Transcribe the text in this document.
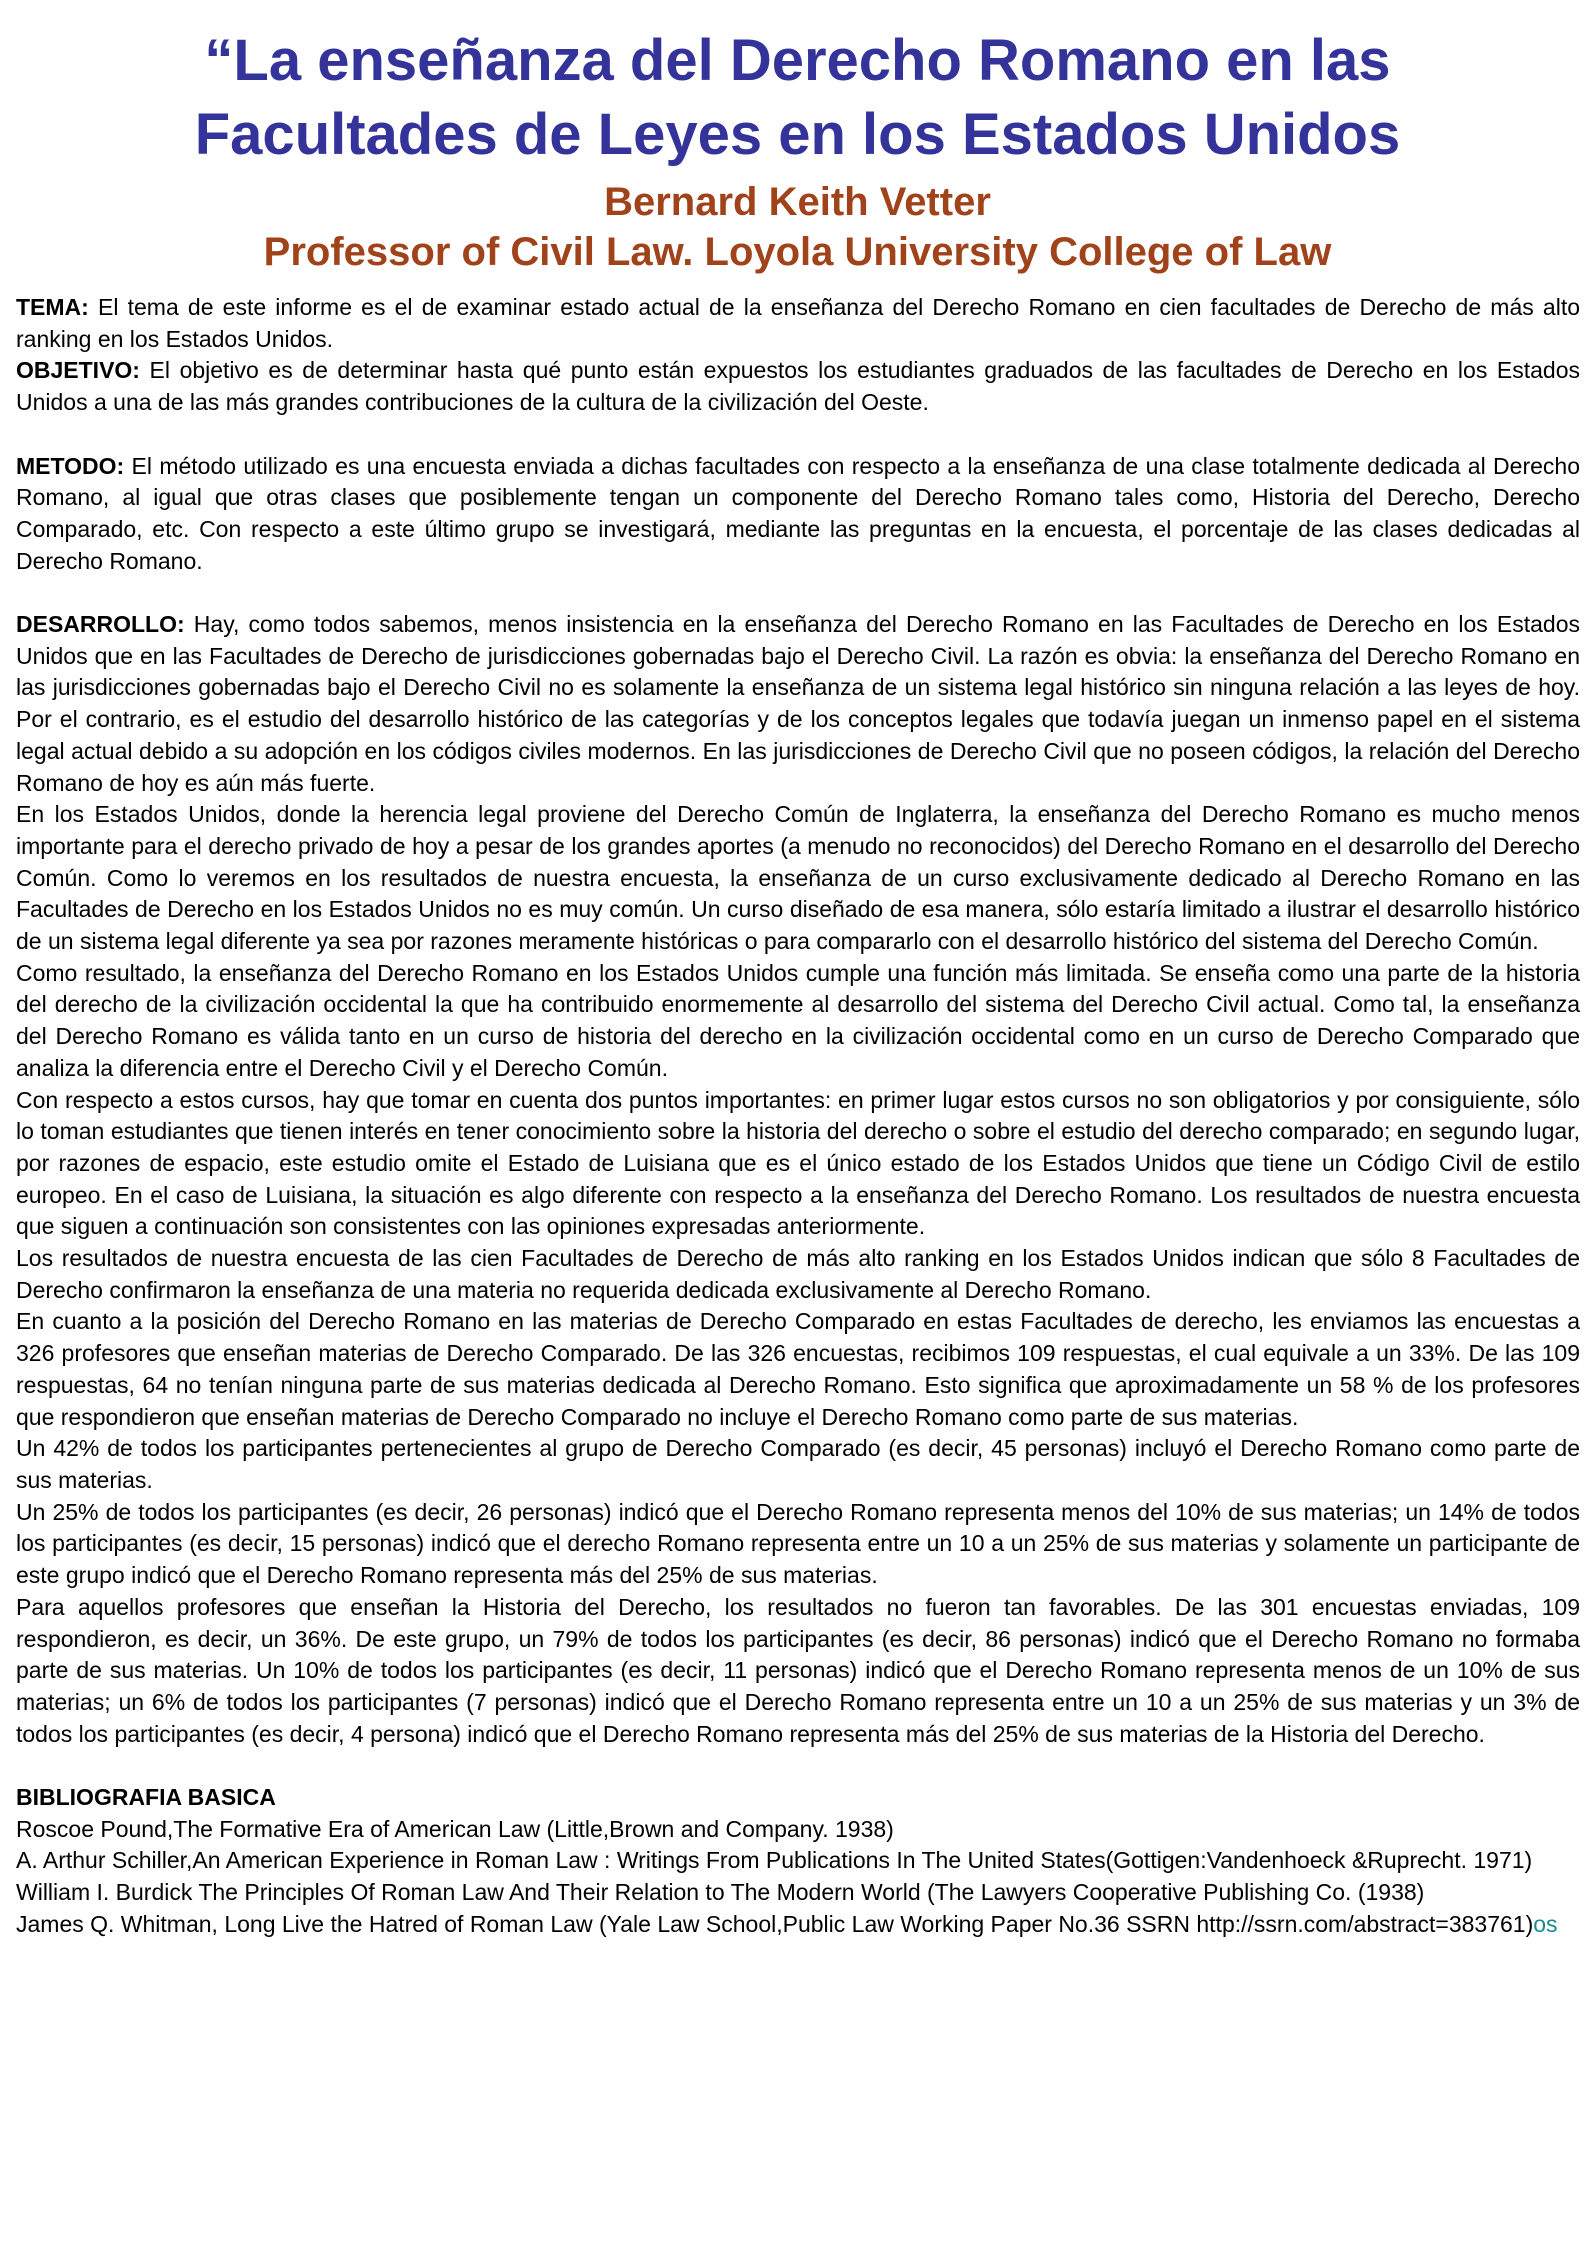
“La enseñanza del Derecho Romano en las
Facultades de Leyes en los Estados Unidos
Bernard Keith Vetter
Professor of Civil Law. Loyola University College of Law

TEMA: El tema de este informe es el de examinar estado actual de la enseñanza del Derecho Romano en cien facultades de Derecho de más alto ranking en los Estados Unidos.

OBJETIVO: El objetivo es de determinar hasta qué punto están expuestos los estudiantes graduados de las facultades de Derecho en los Estados Unidos a una de las más grandes contribuciones de la cultura de la civilización del Oeste.

METODO: El método utilizado es una encuesta enviada a dichas facultades con respecto a la enseñanza de una clase totalmente dedicada al Derecho Romano, al igual que otras clases que posiblemente tengan un componente del Derecho Romano tales como, Historia del Derecho, Derecho Comparado, etc. Con respecto a este último grupo se investigará, mediante las preguntas en la encuesta, el porcentaje de las clases dedicadas al Derecho Romano.

DESARROLLO: Hay, como todos sabemos, menos insistencia en la enseñanza del Derecho Romano en las Facultades de Derecho en los Estados Unidos que en las Facultades de Derecho de jurisdicciones gobernadas bajo el Derecho Civil. La razón es obvia: la enseñanza del Derecho Romano en las jurisdicciones gobernadas bajo el Derecho Civil no es solamente la enseñanza de un sistema legal histórico sin ninguna relación a las leyes de hoy. Por el contrario, es el estudio del desarrollo histórico de las categorías y de los conceptos legales que todavía juegan un inmenso papel en el sistema legal actual debido a su adopción en los códigos civiles modernos. En las jurisdicciones de Derecho Civil que no poseen códigos, la relación del Derecho Romano de hoy es aún más fuerte.

En los Estados Unidos, donde la herencia legal proviene del Derecho Común de Inglaterra, la enseñanza del Derecho Romano es mucho menos importante para el derecho privado de hoy a pesar de los grandes aportes (a menudo no reconocidos) del Derecho Romano en el desarrollo del Derecho Común. Como lo veremos en los resultados de nuestra encuesta, la enseñanza de un curso exclusivamente dedicado al Derecho Romano en las Facultades de Derecho en los Estados Unidos no es muy común. Un curso diseñado de esa manera, sólo estaría limitado a ilustrar el desarrollo histórico de un sistema legal diferente ya sea por razones meramente históricas o para compararlo con el desarrollo histórico del sistema del Derecho Común.

Como resultado, la enseñanza del Derecho Romano en los Estados Unidos cumple una función más limitada. Se enseña como una parte de la historia del derecho de la civilización occidental la que ha contribuido enormemente al desarrollo del sistema del Derecho Civil actual. Como tal, la enseñanza del Derecho Romano es válida tanto en un curso de historia del derecho en la civilización occidental como en un curso de Derecho Comparado que analiza la diferencia entre el Derecho Civil y el Derecho Común.

Con respecto a estos cursos, hay que tomar en cuenta dos puntos importantes: en primer lugar estos cursos no son obligatorios y por consiguiente, sólo lo toman estudiantes que tienen interés en tener conocimiento sobre la historia del derecho o sobre el estudio del derecho comparado; en segundo lugar, por razones de espacio, este estudio omite el Estado de Luisiana que es el único estado de los Estados Unidos que tiene un Código Civil de estilo europeo. En el caso de Luisiana, la situación es algo diferente con respecto a la enseñanza del Derecho Romano. Los resultados de nuestra encuesta que siguen a continuación son consistentes con las opiniones expresadas anteriormente.

Los resultados de nuestra encuesta de las cien Facultades de Derecho de más alto ranking en los Estados Unidos indican que sólo 8 Facultades de Derecho confirmaron la enseñanza de una materia no requerida dedicada exclusivamente al Derecho Romano.

En cuanto a la posición del Derecho Romano en las materias de Derecho Comparado en estas Facultades de derecho, les enviamos las encuestas a 326 profesores que enseñan materias de Derecho Comparado. De las 326 encuestas, recibimos 109 respuestas, el cual equivale a un 33%. De las 109 respuestas, 64 no tenían ninguna parte de sus materias dedicada al Derecho Romano. Esto significa que aproximadamente un 58 % de los profesores que respondieron que enseñan materias de Derecho Comparado no incluye el Derecho Romano como parte de sus materias.

Un 42% de todos los participantes pertenecientes al grupo de Derecho Comparado (es decir, 45 personas) incluyó el Derecho Romano como parte de sus materias.

Un 25% de todos los participantes (es decir, 26 personas) indicó que el Derecho Romano representa menos del 10% de sus materias; un 14% de todos los participantes (es decir, 15 personas) indicó que el derecho Romano representa entre un 10 a un 25% de sus materias y solamente un participante de este grupo indicó que el Derecho Romano representa más del 25% de sus materias.

Para aquellos profesores que enseñan la Historia del Derecho, los resultados no fueron tan favorables. De las 301 encuestas enviadas, 109 respondieron, es decir, un 36%. De este grupo, un 79% de todos los participantes (es decir, 86 personas) indicó que el Derecho Romano no formaba parte de sus materias. Un 10% de todos los participantes (es decir, 11 personas) indicó que el Derecho Romano representa menos de un 10% de sus materias; un 6% de todos los participantes (7 personas) indicó que el Derecho Romano representa entre un 10 a un 25% de sus materias y un 3% de todos los participantes (es decir, 4 persona) indicó que el Derecho Romano representa más del 25% de sus materias de la Historia del Derecho.

BIBLIOGRAFIA BASICA

Roscoe Pound,The Formative Era of American Law (Little,Brown and Company. 1938)

A. Arthur Schiller,An American Experience in Roman Law : Writings From Publications In The United States(Gottigen:Vandenhoeck &Ruprecht. 1971)

William I. Burdick The Principles Of Roman Law And Their Relation to The Modern World (The Lawyers Cooperative Publishing Co. (1938)

James Q. Whitman, Long Live the Hatred of Roman Law (Yale Law School,Public Law Working Paper No.36 SSRN http://ssrn.com/abstract=383761)os
